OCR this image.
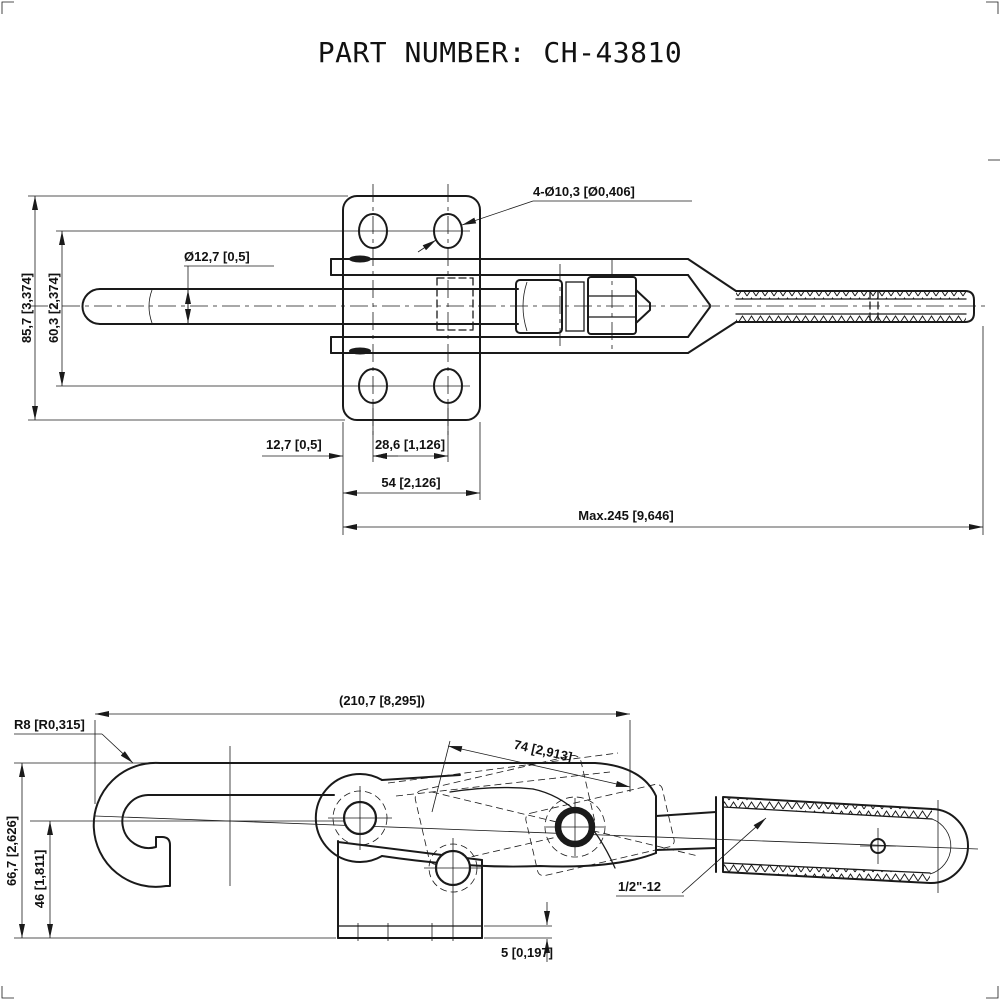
PART NUMBER: CH-43810
4-Ø10,3 [Ø0,406]
Ø12,7 [0,5]
85,7 [3,374] 60,3 [2,374]
12,7 [0,5]	28,6 [1,126]
54 [2,126]
Max.245 [9,646]
(210,7 [8,295])
R8 [R0,315]
74 [2,913]
66,7 [2,626] 46 [1,811]	1/2"-12
5 [0,197]
